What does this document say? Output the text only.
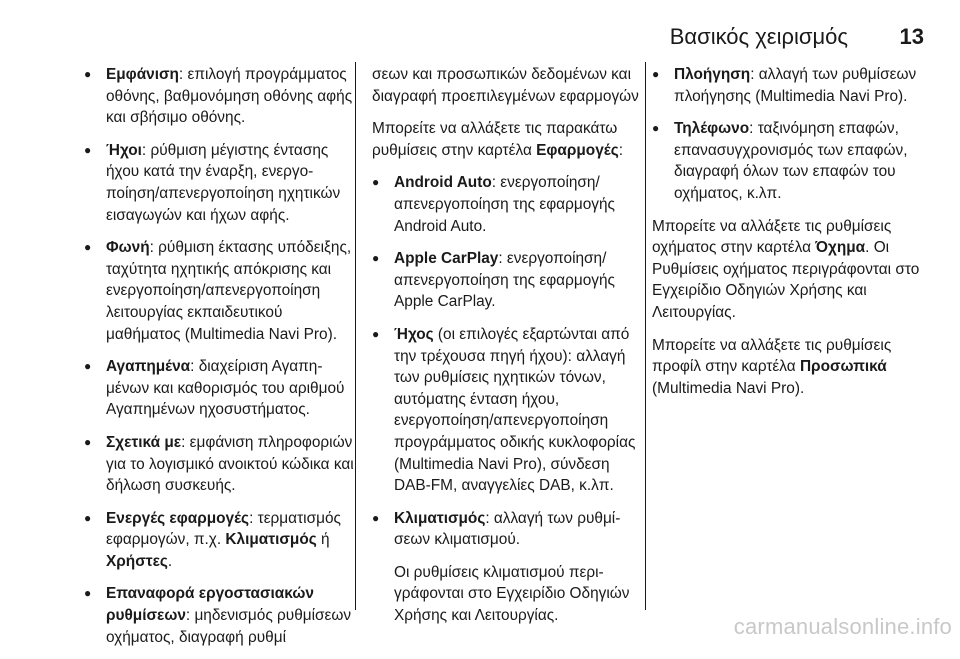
Βασικός χειρισμός 13

● Εμφάνιση: επιλογή προγράμματος οθόνης, βαθμονόμηση οθόνης αφής και σβήσιμο οθόνης.

● Ήχοι: ρύθμιση μέγιστης έντασης ήχου κατά την έναρξη, ενεργοποίηση/απενεργοποίηση ηχητικών εισαγωγών και ήχων αφής.

● Φωνή: ρύθμιση έκτασης υπόδειξης, ταχύτητα ηχητικής απόκρισης και ενεργοποίηση/απενεργοποίηση λειτουργίας εκπαιδευτικού μαθήματος (Multimedia Navi Pro).

● Αγαπημένα: διαχείριση Αγαπημένων και καθορισμός του αριθμού Αγαπημένων ηχοσυστήματος.

● Σχετικά με: εμφάνιση πληροφοριών για το λογισμικό ανοικτού κώδικα και δήλωση συσκευής.

● Ενεργές εφαρμογές: τερματισμός εφαρμογών, π.χ. Κλιματισμός ή Χρήστες.

● Επαναφορά εργοστασιακών ρυθμίσεων: μηδενισμός ρυθμίσεων οχήματος, διαγραφή ρυθμί

σεων και προσωπικών δεδομένων και διαγραφή προεπιλεγμένων εφαρμογών

Μπορείτε να αλλάξετε τις παρακάτω ρυθμίσεις στην καρτέλα Εφαρμογές:

● Android Auto: ενεργοποίηση/ απενεργοποίηση της εφαρμογής Android Auto.

● Apple CarPlay: ενεργοποίηση/ απενεργοποίηση της εφαρμογής Apple CarPlay.

● Ήχος (οι επιλογές εξαρτώνται από την τρέχουσα πηγή ήχου): αλλαγή των ρυθμίσεις ηχητικών τόνων, αυτόματης ένταση ήχου, ενεργοποίηση/απενεργοποίηση προγράμματος οδικής κυκλοφορίας (Multimedia Navi Pro), σύνδεση DAB-FM, αναγγελίες DAB, κ.λπ.

● Κλιματισμός: αλλαγή των ρυθμίσεων κλιματισμού.

Οι ρυθμίσεις κλιματισμού περιγράφονται στο Εγχειρίδιο Οδηγιών Χρήσης και Λειτουργίας.

● Πλοήγηση: αλλαγή των ρυθμίσεων πλοήγησης (Multimedia Navi Pro).

● Τηλέφωνο: ταξινόμηση επαφών, επανασυγχρονισμός των επαφών, διαγραφή όλων των επαφών του οχήματος, κ.λπ.

Μπορείτε να αλλάξετε τις ρυθμίσεις οχήματος στην καρτέλα Όχημα. Οι Ρυθμίσεις οχήματος περιγράφονται στο Εγχειρίδιο Οδηγιών Χρήσης και Λειτουργίας.

Μπορείτε να αλλάξετε τις ρυθμίσεις προφίλ στην καρτέλα Προσωπικά (Multimedia Navi Pro).

carmanualsonline.info
